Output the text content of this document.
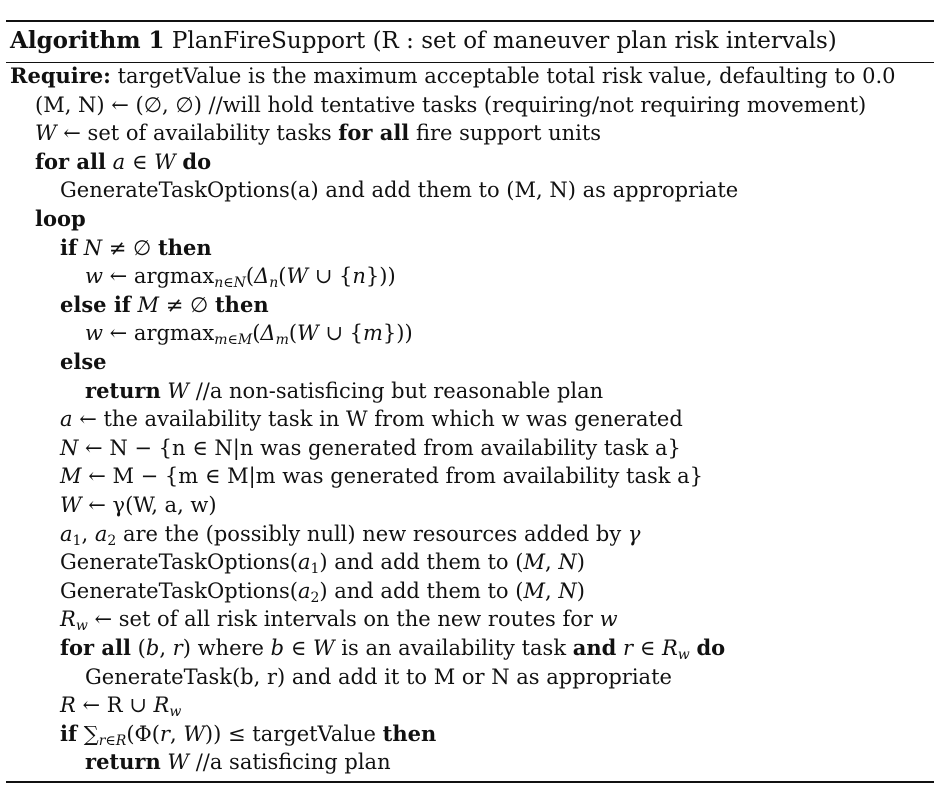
Algorithm 1 PlanFireSupport (R : set of maneuver plan risk intervals)
Require: targetValue is the maximum acceptable total risk value, defaulting to 0.0
(M, N) ← (∅, ∅) //will hold tentative tasks (requiring/not requiring movement)
W ← set of availability tasks for all fire support units
for all a ∈ W do
GenerateTaskOptions(a) and add them to (M, N) as appropriate
loop
if N ≠ ∅ then
w ← $argmax_{n\in N}(\Delta_n(W$ ∪ {n}))
else if M ≠ ∅ then
w ← $argmax_{m\in M}(\Delta_m(W$ ∪ {m}))
else
return W //a non-satisficing but reasonable plan
a ← the availability task in W from which w was generated
N ← N − {n ∈ N|n was generated from availability task a}
M ← M − {m ∈ M|m was generated from availability task a}
W ← γ(W, a, w)
$a_1$, $a_2$ are the (possibly null) new resources added by γ
$GenerateTaskOptions(a_1)$ and add them to (M, N)
$GenerateTaskOptions(a_2)$ and add them to (M, N)
$R_w$ ← set of all risk intervals on the new routes for w
for all (b, r) where b ∈ W is an availability task and r ∈ $R_w$ do
GenerateTask(b, r) and add it to M or N as appropriate
R ← R ∪ $R_w$
if $\sum_{r\in R}(\Phi(r$, W)) ≤ targetValue then
return W //a satisficing plan
